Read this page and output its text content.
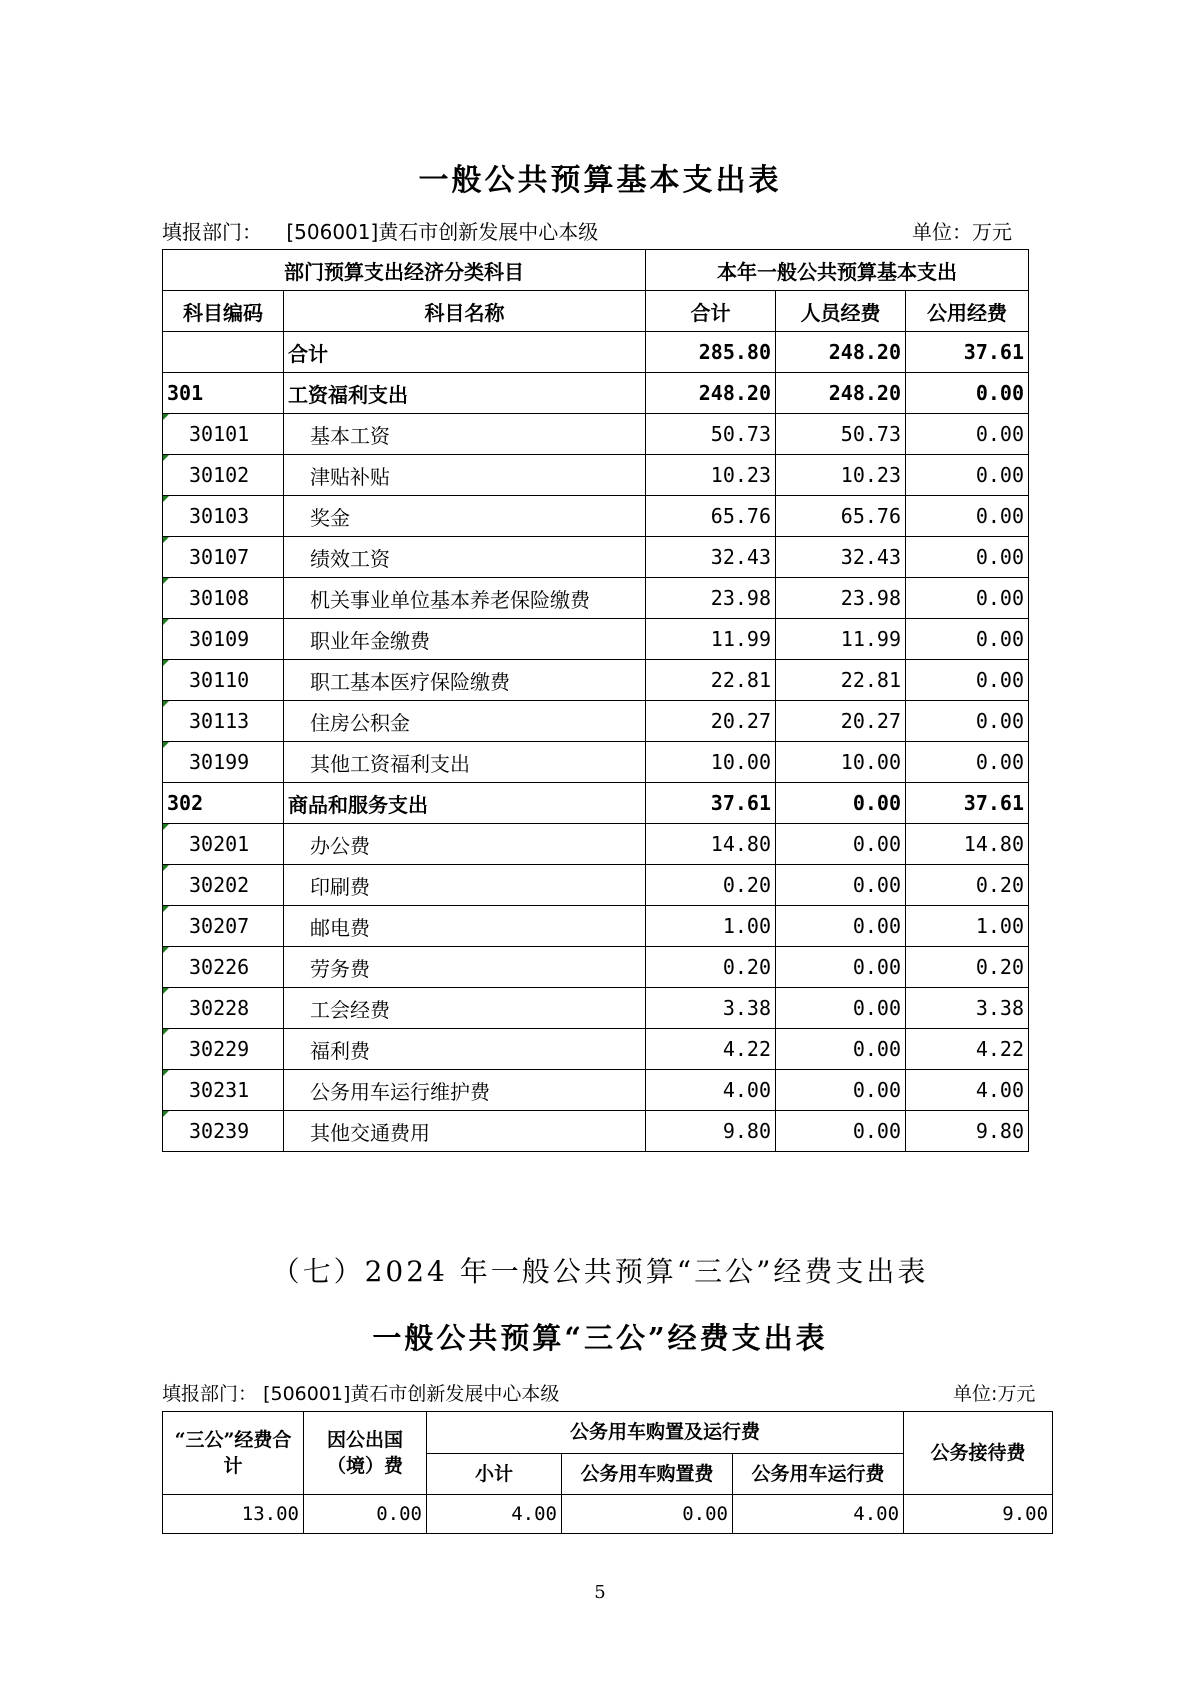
一般公共预算基本支出表
填报部门： [506001]黄石市创新发展中心本级	单位：万元
部门预算支出经济分类科目		本年一般公共预算基本支出		
科目编码	科目名称	合计	人员经费	公用经费
	合计	285.80	248.20	37.61
301	工资福利支出	248.20	248.20	0.00
30101	基本工资	50.73	50.73	0.00
30102	津贴补贴	10.23	10.23	0.00
30103	奖金	65.76	65.76	0.00
30107	绩效工资	32.43	32.43	0.00
30108	机关事业单位基本养老保险缴费	23.98	23.98	0.00
30109	职业年金缴费	11.99	11.99	0.00
30110	职工基本医疗保险缴费	22.81	22.81	0.00
30113	住房公积金	20.27	20.27	0.00
30199	其他工资福利支出	10.00	10.00	0.00
302	商品和服务支出	37.61	0.00	37.61
30201	办公费	14.80	0.00	14.80
30202	印刷费	0.20	0.00	0.20
30207	邮电费	1.00	0.00	1.00
30226	劳务费	0.20	0.00	0.20
30228	工会经费	3.38	0.00	3.38
30229	福利费	4.22	0.00	4.22
30231	公务用车运行维护费	4.00	0.00	4.00
30239	其他交通费用	9.80	0.00	9.80
（七）2024 年一般公共预算“三公”经费支出表
一般公共预算“三公”经费支出表
填报部门： [506001]黄石市创新发展中心本级	单位:万元
“三公”经费合计	因公出国（境）费	公务用车购置及运行费			公务接待费
		小计	公务用车购置费	公务用车运行费	
13.00	0.00	4.00	0.00	4.00	9.00
5
